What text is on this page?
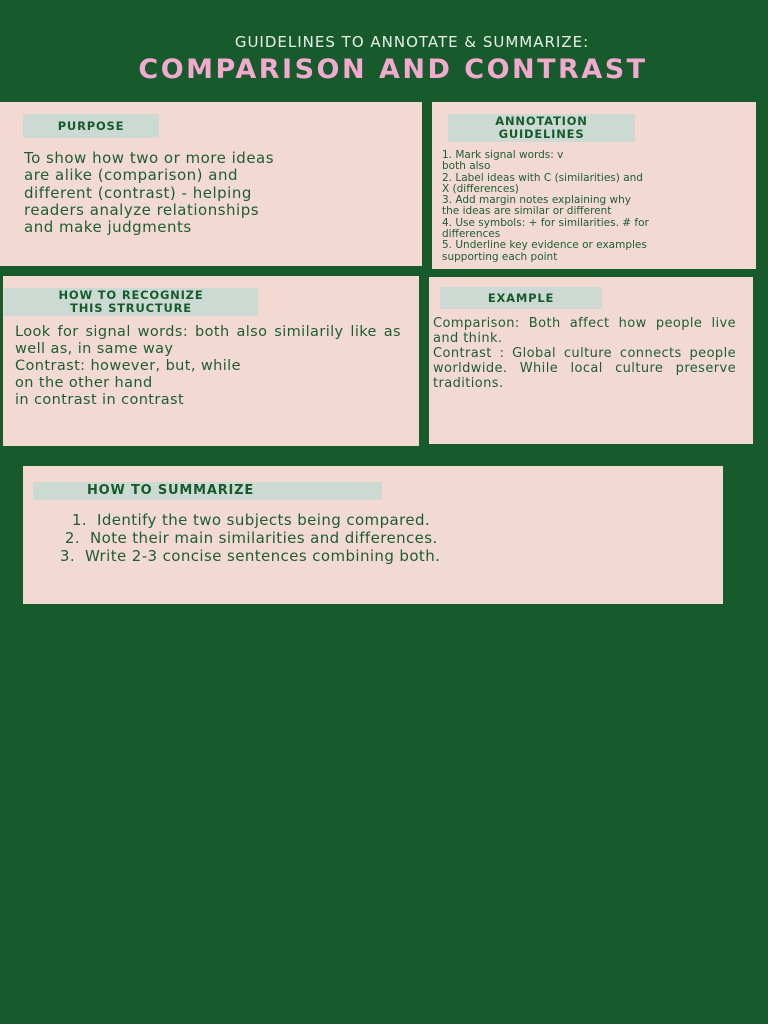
GUIDELINES TO ANNOTATE & SUMMARIZE:
COMPARISON AND CONTRAST
PURPOSE

To show how two or more ideas
are alike (comparison) and
different (contrast) - helping
readers analyze relationships
and make judgments

ANNOTATION
GUIDELINES
1. Mark signal words: v
both also
2. Label ideas with C (similarities) and
X (differences)
3. Add margin notes explaining why
the ideas are similar or different
4. Use symbols: + for similarities. # for
differences
5. Underline key evidence or examples
supporting each point
HOW TO RECOGNIZE
THIS STRUCTURE

Look for signal words: both also similarily like as well as, in same way
Contrast: however, but, while
on the other hand
in contrast in contrast

EXAMPLE

Comparison: Both affect how people live and think.
Contrast : Global culture connects people worldwide. While local culture preserve traditions.

HOW TO SUMMARIZE
1. Identify the two subjects being compared.
2. Note their main similarities and differences.
3. Write 2-3 concise sentences combining both.
